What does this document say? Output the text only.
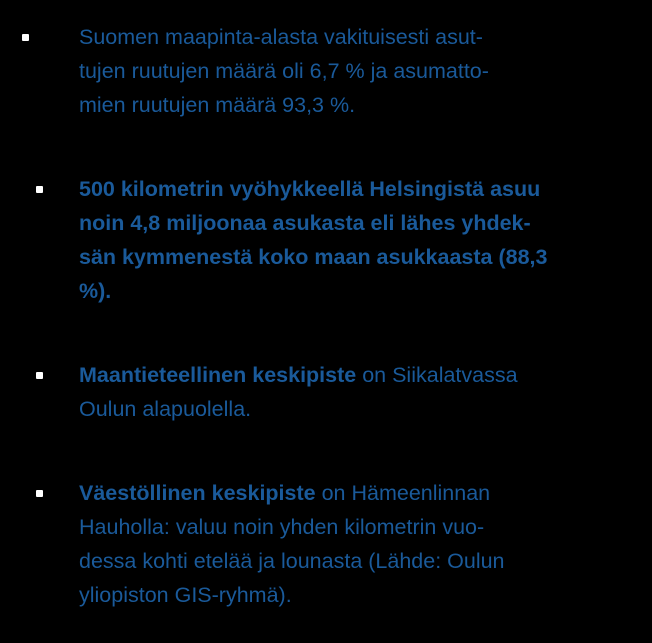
Suomen maapinta-alasta vakituisesti asut-
tujen ruutujen määrä oli 6,7 % ja asumatto-
mien ruutujen määrä 93,3 %.
500 kilometrin vyöhykkeellä Helsingistä asuu
noin 4,8 miljoonaa asukasta eli lähes yhdek-
sän kymmenestä koko maan asukkaasta (88,3
%).
Maantieteellinen keskipiste on Siikalatvassa
Oulun alapuolella.
Väestöllinen keskipiste on Hämeenlinnan
Hauholla: valuu noin yhden kilometrin vuo-
dessa kohti etelää ja lounasta (Lähde: Oulun
yliopiston GIS-ryhmä).
